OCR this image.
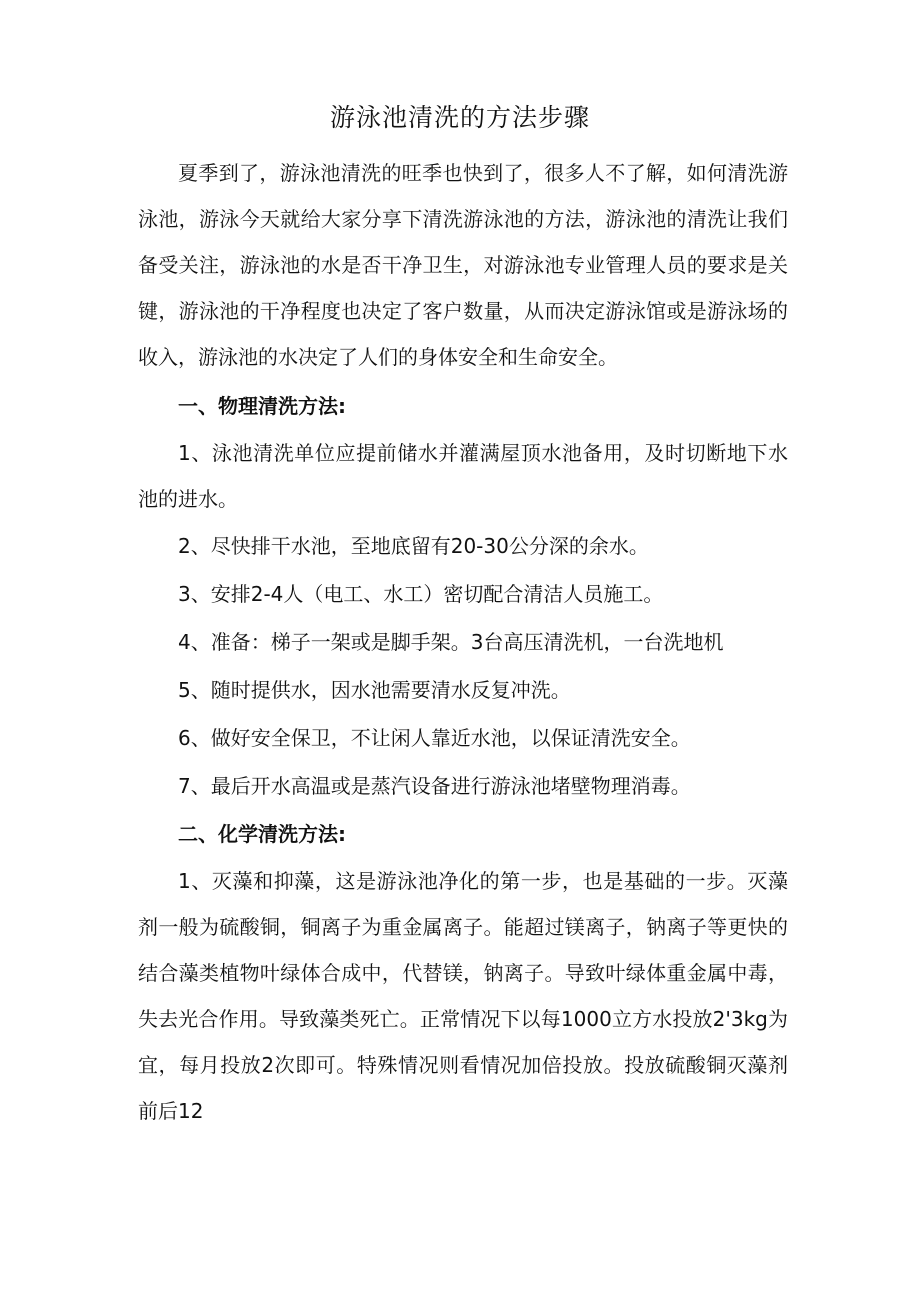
游泳池清洗的方法步骤

夏季到了，游泳池清洗的旺季也快到了，很多人不了解，如何清洗游泳池，游泳今天就给大家分享下清洗游泳池的方法，游泳池的清洗让我们备受关注，游泳池的水是否干净卫生，对游泳池专业管理人员的要求是关键，游泳池的干净程度也决定了客户数量，从而决定游泳馆或是游泳场的收入，游泳池的水决定了人们的身体安全和生命安全。

一、物理清洗方法:

1、泳池清洗单位应提前储水并灌满屋顶水池备用，及时切断地下水池的进水。

2、尽快排干水池，至地底留有20-30公分深的余水。

3、安排2-4人（电工、水工）密切配合清洁人员施工。

4、准备：梯子一架或是脚手架。3台高压清洗机，一台洗地机

5、随时提供水，因水池需要清水反复冲洗。

6、做好安全保卫，不让闲人靠近水池，以保证清洗安全。

7、最后开水高温或是蒸汽设备进行游泳池堵壁物理消毒。

二、化学清洗方法:

1、灭藻和抑藻，这是游泳池净化的第一步，也是基础的一步。灭藻剂一般为硫酸铜，铜离子为重金属离子。能超过镁离子，钠离子等更快的结合藻类植物叶绿体合成中，代替镁，钠离子。导致叶绿体重金属中毒，失去光合作用。导致藻类死亡。正常情况下以每1000立方水投放2'3kg为宜，每月投放2次即可。特殊情况则看情况加倍投放。投放硫酸铜灭藻剂前后12
